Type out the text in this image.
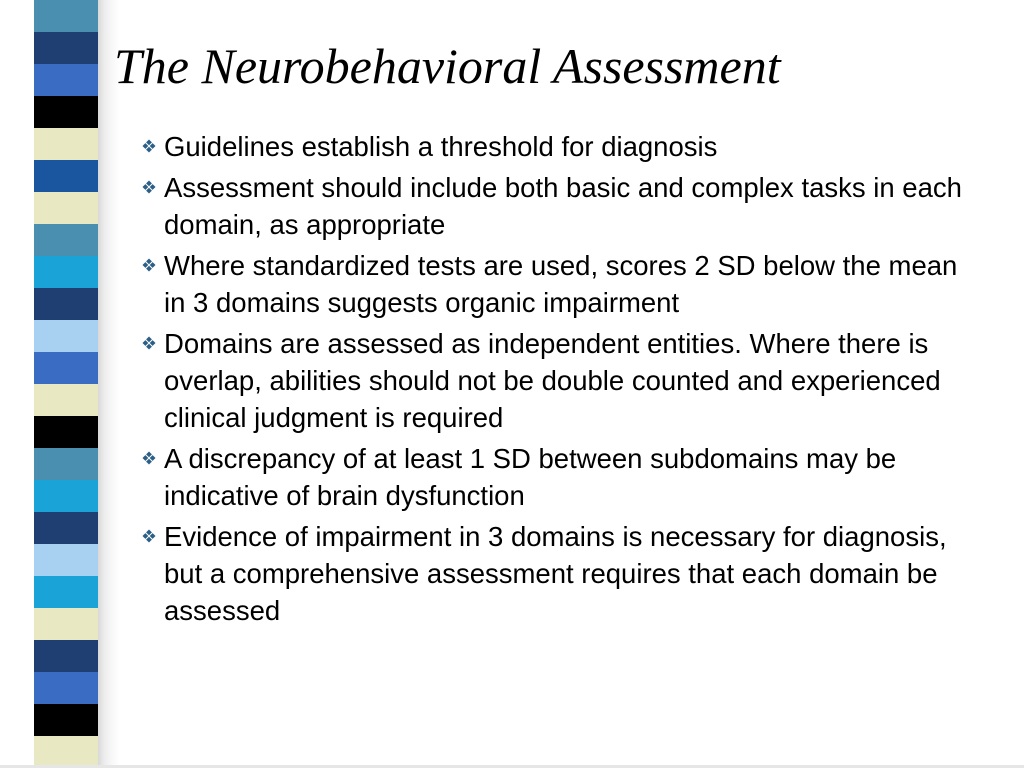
The Neurobehavioral Assessment
Guidelines establish a threshold for diagnosis
Assessment should include both basic and complex tasks in each domain, as appropriate
Where standardized tests are used, scores 2 SD below the mean in 3 domains suggests organic impairment
Domains are assessed as independent entities. Where there is overlap, abilities should not be double counted and experienced clinical judgment is required
A discrepancy of at least 1 SD between subdomains may be indicative of brain dysfunction
Evidence of impairment in 3 domains is necessary for diagnosis, but a comprehensive assessment requires that each domain be assessed
